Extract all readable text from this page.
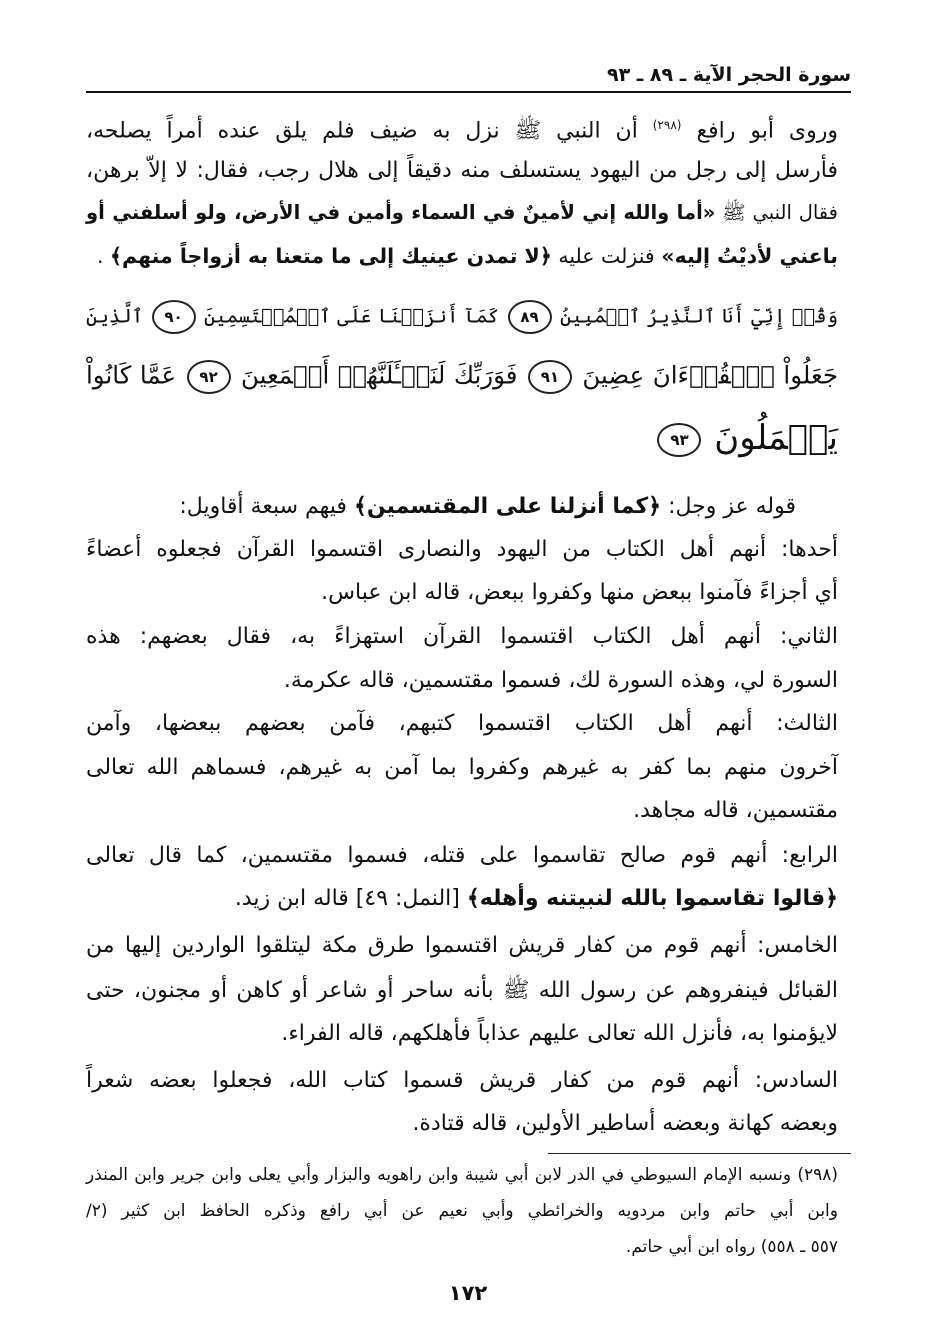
سورة الحجر الآية ـ ٨٩ ـ ٩٣
وروى أبو رافع $^{(٢٩٨)}$ أن النبي ﷺ نزل به ضيف فلم يلق عنده أمراً يصلحه،
فأرسل إلى رجل من اليهود يستسلف منه دقيقاً إلى هلال رجب، فقال: لا إلاّ برهن،
فقال النبي ﷺ «أما والله إني لأمينٌ في السماء وأمين في الأرض، ولو أسلفني أو
باعني لأديْتُ إليه» فنزلت عليه ﴿لا تمدن عينيك إلى ما متعنا به أزواجاً منهم﴾ .
وَقُلۡ إِنِّيٓ أَنَا ٱلنَّذِيرُ ٱلۡمُبِينُ ٨٩ كَمَآ أَنزَلۡنَا عَلَى ٱلۡمُقۡتَسِمِينَ ٩٠ ٱلَّذِينَ
جَعَلُواْ ٱلۡقُرۡءَانَ عِضِينَ ٩١ فَوَرَبِّكَ لَنَسۡـَٔلَنَّهُمۡ أَجۡمَعِينَ ٩٢ عَمَّا كَانُواْ
يَعۡمَلُونَ ٩٣
قوله عز وجل: ﴿كما أنزلنا على المقتسمين﴾ فيهم سبعة أقاويل:
أحدها: أنهم أهل الكتاب من اليهود والنصارى اقتسموا القرآن فجعلوه أعضاءً
أي أجزاءً فآمنوا ببعض منها وكفروا ببعض، قاله ابن عباس.
الثاني: أنهم أهل الكتاب اقتسموا القرآن استهزاءً به، فقال بعضهم: هذه
السورة لي، وهذه السورة لك، فسموا مقتسمين، قاله عكرمة.
الثالث: أنهم أهل الكتاب اقتسموا كتبهم، فآمن بعضهم ببعضها، وآمن
آخرون منهم بما كفر به غيرهم وكفروا بما آمن به غيرهم، فسماهم الله تعالى
مقتسمين، قاله مجاهد.
الرابع: أنهم قوم صالح تقاسموا على قتله، فسموا مقتسمين، كما قال تعالى
﴿قالوا تقاسموا بالله لنبيتنه وأهله﴾ [النمل: ٤٩] قاله ابن زيد.
الخامس: أنهم قوم من كفار قريش اقتسموا طرق مكة ليتلقوا الواردين إليها من
القبائل فينفروهم عن رسول الله ﷺ بأنه ساحر أو شاعر أو كاهن أو مجنون، حتى
لايؤمنوا به، فأنزل الله تعالى عليهم عذاباً فأهلكهم، قاله الفراء.
السادس: أنهم قوم من كفار قريش قسموا كتاب الله، فجعلوا بعضه شعراً
وبعضه كهانة وبعضه أساطير الأولين، قاله قتادة.
(٢٩٨) ونسبه الإمام السيوطي في الدر لابن أبي شيبة وابن راهويه والبزار وأبي يعلى وابن جرير وابن المنذر
وابن أبي حاتم وابن مردويه والخرائطي وأبي نعيم عن أبي رافع وذكره الحافظ ابن كثير (٢/
٥٥٧ ـ ٥٥٨) رواه ابن أبي حاتم.
١٧٢
